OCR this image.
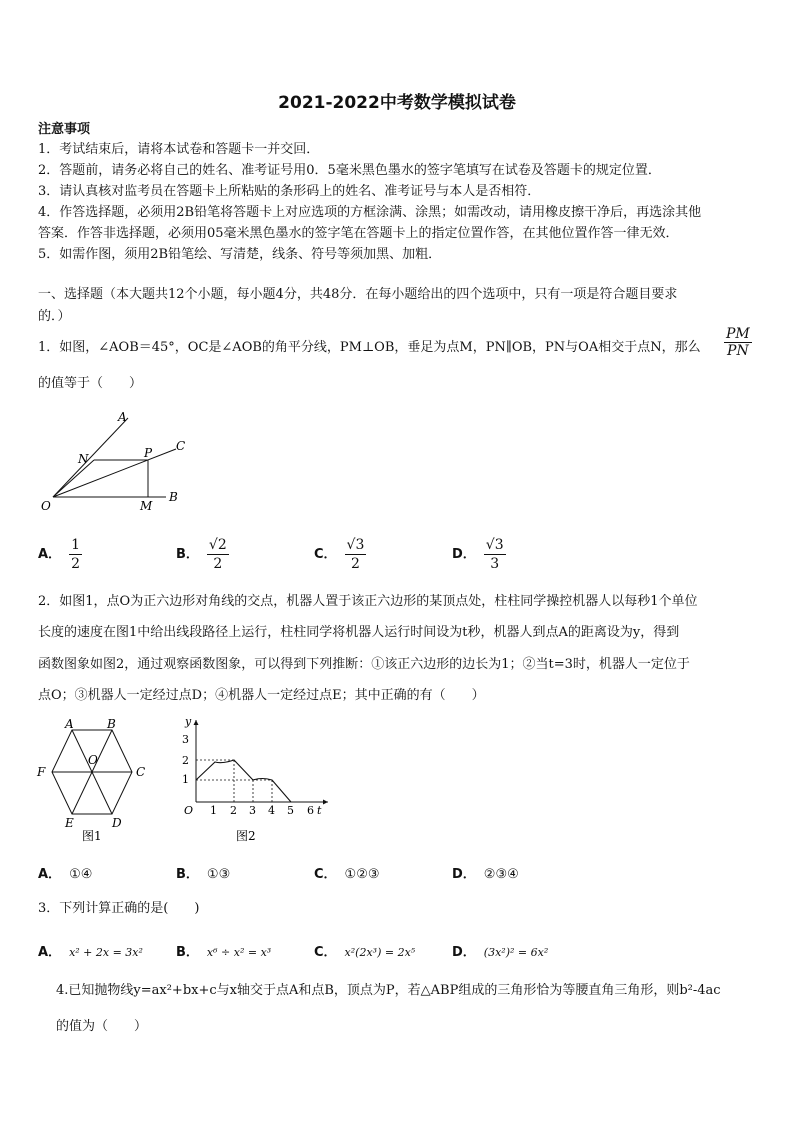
2021-2022中考数学模拟试卷
注意事项
1．考试结束后，请将本试卷和答题卡一并交回．
2．答题前，请务必将自己的姓名、准考证号用0．5毫米黑色墨水的签字笔填写在试卷及答题卡的规定位置．
3．请认真核对监考员在答题卡上所粘贴的条形码上的姓名、准考证号与本人是否相符．
4．作答选择题，必须用2B铅笔将答题卡上对应选项的方框涂满、涂黑；如需改动，请用橡皮擦干净后，再选涂其他
答案．作答非选择题，必须用05毫米黑色墨水的签字笔在答题卡上的指定位置作答，在其他位置作答一律无效．
5．如需作图，须用2B铅笔绘、写清楚，线条、符号等须加黑、加粗．
一、选择题（本大题共12个小题，每小题4分，共48分．在每小题给出的四个选项中，只有一项是符合题目要求
的．）
1．如图，∠AOB＝45°，OC是∠AOB的角平分线，PM⊥OB，垂足为点M，PN∥OB，PN与OA相交于点N，那么 $\frac{PM}{PN}$
的值等于（　　）
A
C
N	P
O	M
B
A． $\frac{1}{2}$	B． $\frac{√2}{2}$	C． $\frac{√3}{2}$	D． $\frac{√3}{3}$
2．如图1，点O为正六边形对角线的交点，机器人置于该正六边形的某顶点处，柱柱同学操控机器人以每秒1个单位
长度的速度在图1中给出线段路径上运行，柱柱同学将机器人运行时间设为t秒，机器人到点A的距离设为y，得到
函数图象如图2，通过观察函数图象，可以得到下列推断：①该正六边形的边长为1；②当t=3时，机器人一定位于
点O；③机器人一定经过点D；④机器人一定经过点E；其中正确的有（　　）
A	B
C
D
E
F
O
图1
y
t
O 1 2 3 4 5 6
1
2
3
图2
A． ①④	B． ①③	C． ①②③	D． ②③④
3．下列计算正确的是(　　)
A． x² + 2x = 3x²	B． x⁶ ÷ x² = x³	C． x²(2x³) = 2x⁵	D． (3x²)² = 6x²
4.已知抛物线y=ax²+bx+c与x轴交于点A和点B，顶点为P，若△ABP组成的三角形恰为等腰直角三角形，则b²-4ac
的值为（　　）
